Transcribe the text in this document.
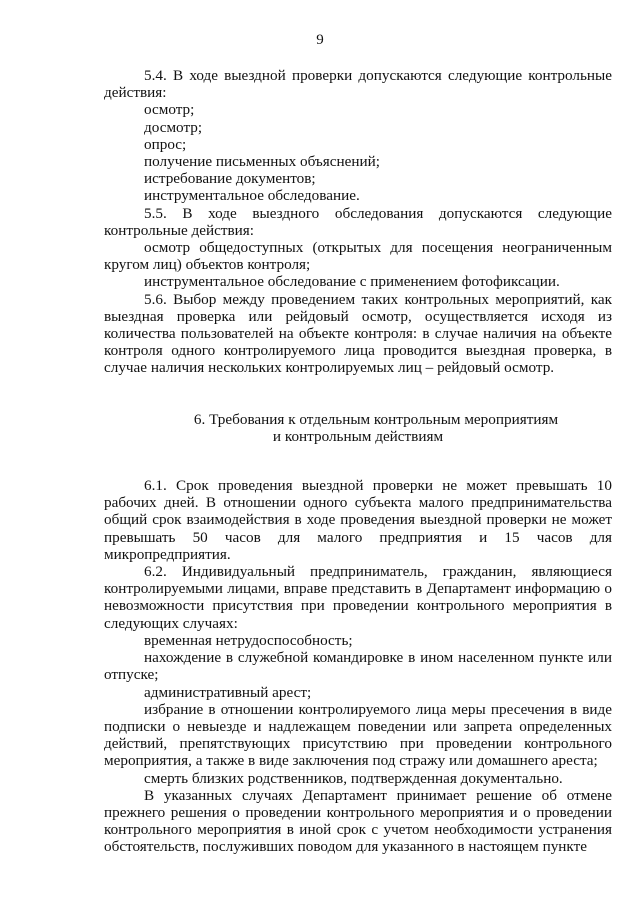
9

5.4. В ходе выездной проверки допускаются следующие контрольные действия:

осмотр;

досмотр;

опрос;

получение письменных объяснений;

истребование документов;

инструментальное обследование.

5.5. В ходе выездного обследования допускаются следующие контрольные действия:

осмотр общедоступных (открытых для посещения неограниченным кругом лиц) объектов контроля;

инструментальное обследование с применением фотофиксации.

5.6. Выбор между проведением таких контрольных мероприятий, как выездная проверка или рейдовый осмотр, осуществляется исходя из количества пользователей на объекте контроля: в случае наличия на объекте контроля одного контролируемого лица проводится выездная проверка, в случае наличия нескольких контролируемых лиц – рейдовый осмотр.

6. Требования к отдельным контрольным мероприятиям
и контрольным действиям

6.1. Срок проведения выездной проверки не может превышать 10 рабочих дней. В отношении одного субъекта малого предпринимательства общий срок взаимодействия в ходе проведения выездной проверки не может превышать 50 часов для малого предприятия и 15 часов для микропредприятия.

6.2. Индивидуальный предприниматель, гражданин, являющиеся контролируемыми лицами, вправе представить в Департамент информацию о невозможности присутствия при проведении контрольного мероприятия в следующих случаях:

временная нетрудоспособность;

нахождение в служебной командировке в ином населенном пункте или отпуске;

административный арест;

избрание в отношении контролируемого лица меры пресечения в виде подписки о невыезде и надлежащем поведении или запрета определенных действий, препятствующих присутствию при проведении контрольного мероприятия, а также в виде заключения под стражу или домашнего ареста;

смерть близких родственников, подтвержденная документально.

В указанных случаях Департамент принимает решение об отмене прежнего решения о проведении контрольного мероприятия и о проведении контрольного мероприятия в иной срок с учетом необходимости устранения обстоятельств, послуживших поводом для указанного в настоящем пункте
